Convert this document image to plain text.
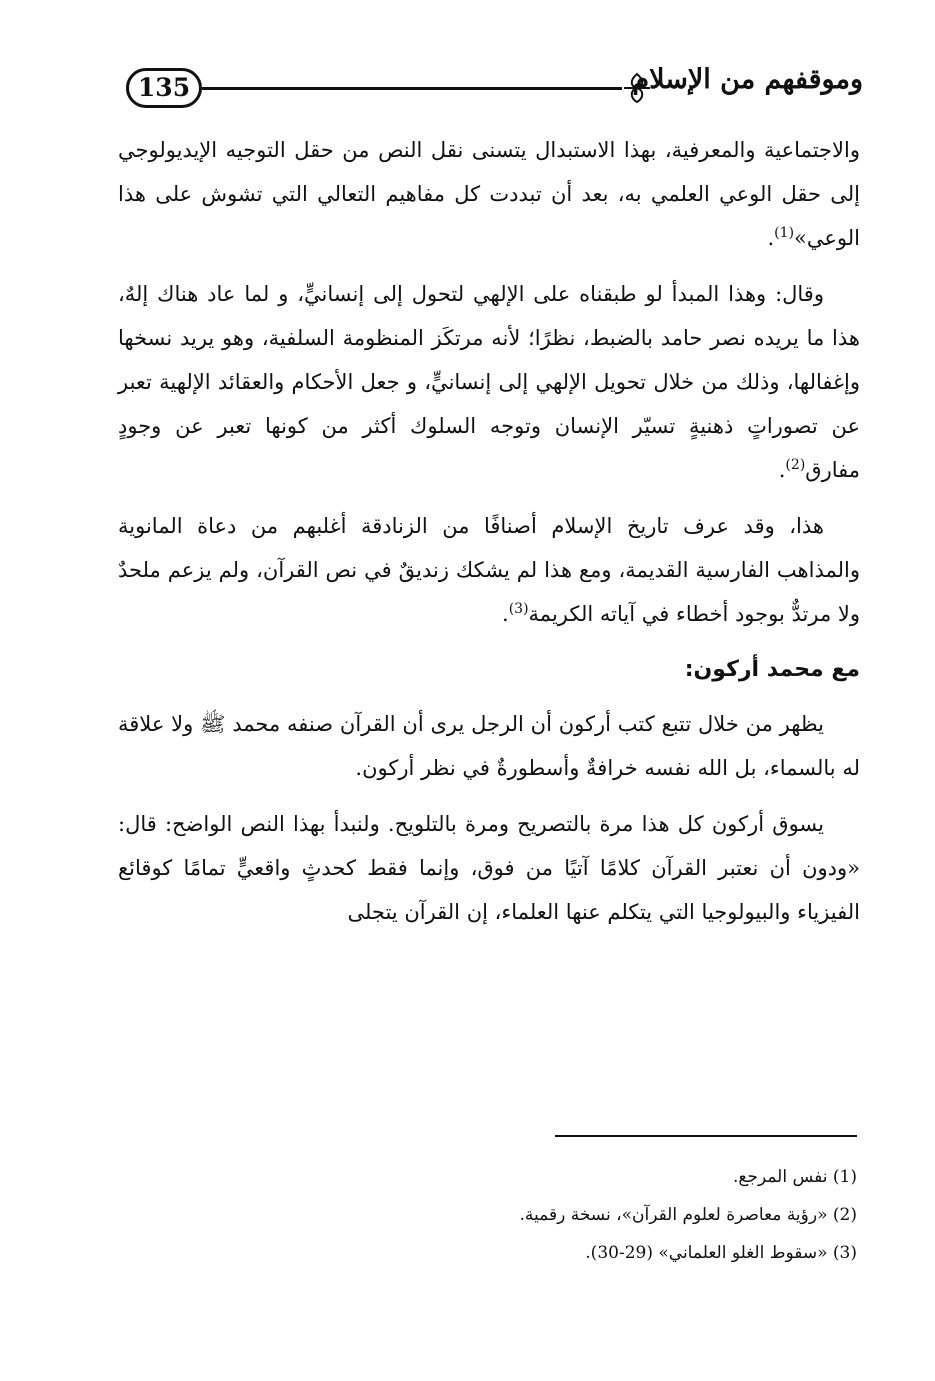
135	وموقفهم من الإسلام

والاجتماعية والمعرفية، بهذا الاستبدال يتسنى نقل النص من حقل التوجيه الإيديولوجي إلى حقل الوعي العلمي به، بعد أن تبددت كل مفاهيم التعالي التي تشوش على هذا الوعي»$^{(1)}$.

وقال: وهذا المبدأ لو طبقناه على الإلهي لتحول إلى إنسانيٍّ، و لما عاد هناك إلهٌ، هذا ما يريده نصر حامد بالضبط، نظرًا؛ لأنه مرتكَز المنظومة السلفية، وهو يريد نسخها وإغفالها، وذلك من خلال تحويل الإلهي إلى إنسانيٍّ، و جعل الأحكام والعقائد الإلهية تعبر عن تصوراتٍ ذهنيةٍ تسيّر الإنسان وتوجه السلوك أكثر من كونها تعبر عن وجودٍ مفارق$^{(2)}$.

هذا، وقد عرف تاريخ الإسلام أصنافًا من الزنادقة أغلبهم من دعاة المانوية والمذاهب الفارسية القديمة، ومع هذا لم يشكك زنديقٌ في نص القرآن، ولم يزعم ملحدٌ ولا مرتدٌّ بوجود أخطاء في آياته الكريمة$^{(3)}$.

مع محمد أركون:

يظهر من خلال تتبع كتب أركون أن الرجل يرى أن القرآن صنفه محمد ﷺ ولا علاقة له بالسماء، بل الله نفسه خرافةٌ وأسطورةٌ في نظر أركون.

يسوق أركون كل هذا مرة بالتصريح ومرة بالتلويح. ولنبدأ بهذا النص الواضح: قال: «ودون أن نعتبر القرآن كلامًا آتيًا من فوق، وإنما فقط كحدثٍ واقعيٍّ تمامًا كوقائع الفيزياء والبيولوجيا التي يتكلم عنها العلماء، إن القرآن يتجلى

(1) نفس المرجع.
(2) «رؤية معاصرة لعلوم القرآن»، نسخة رقمية.
(3) «سقوط الغلو العلماني» (29-30).
